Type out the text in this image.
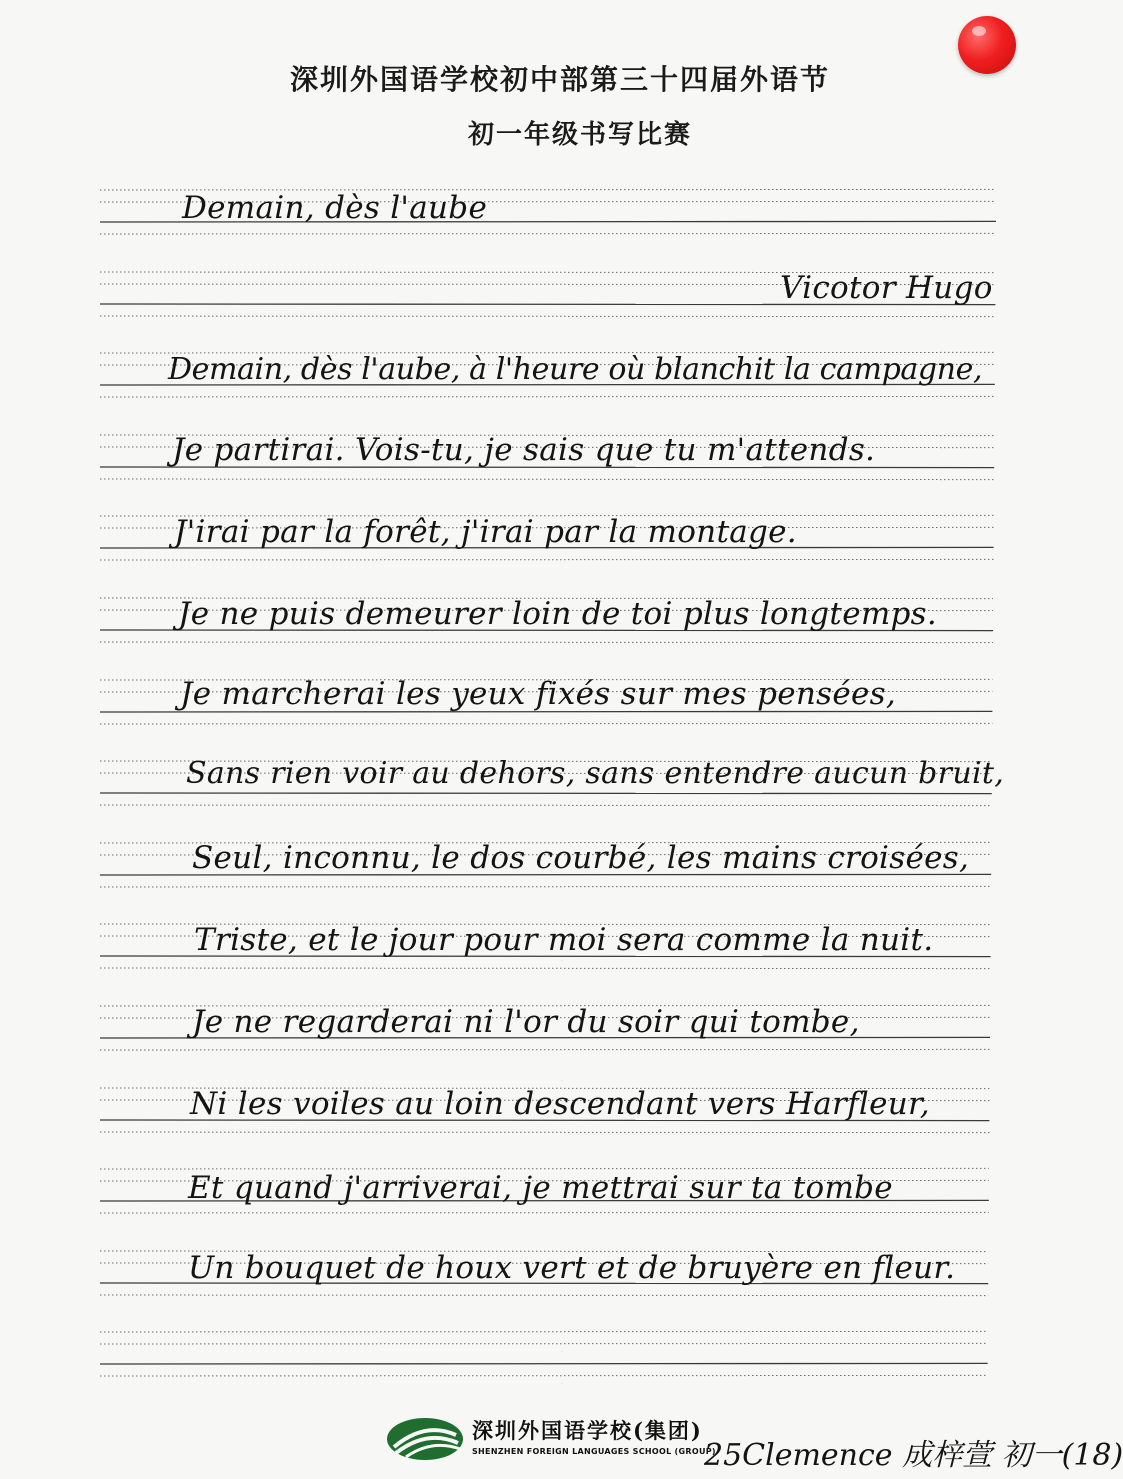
深圳外国语学校初中部第三十四届外语节
初一年级书写比赛
Demain, dès l'aube
Vicotor Hugo
Demain, dès l'aube, à l'heure où blanchit la campagne,
Je partirai. Vois-tu, je sais que tu m'attends.
J'irai par la forêt, j'irai par la montage.
Je ne puis demeurer loin de toi plus longtemps.
Je marcherai les yeux fixés sur mes pensées,
Sans rien voir au dehors, sans entendre aucun bruit,
Seul, inconnu, le dos courbé, les mains croisées,
Triste, et le jour pour moi sera comme la nuit.
Je ne regarderai ni l'or du soir qui tombe,
Ni les voiles au loin descendant vers Harfleur,
Et quand j'arriverai, je mettrai sur ta tombe
Un bouquet de houx vert et de bruyère en fleur.
深圳外国语学校(集团)
SHENZHEN FOREIGN LANGUAGES SCHOOL (GROUP)
25Clemence 成梓萱 初一(18)
